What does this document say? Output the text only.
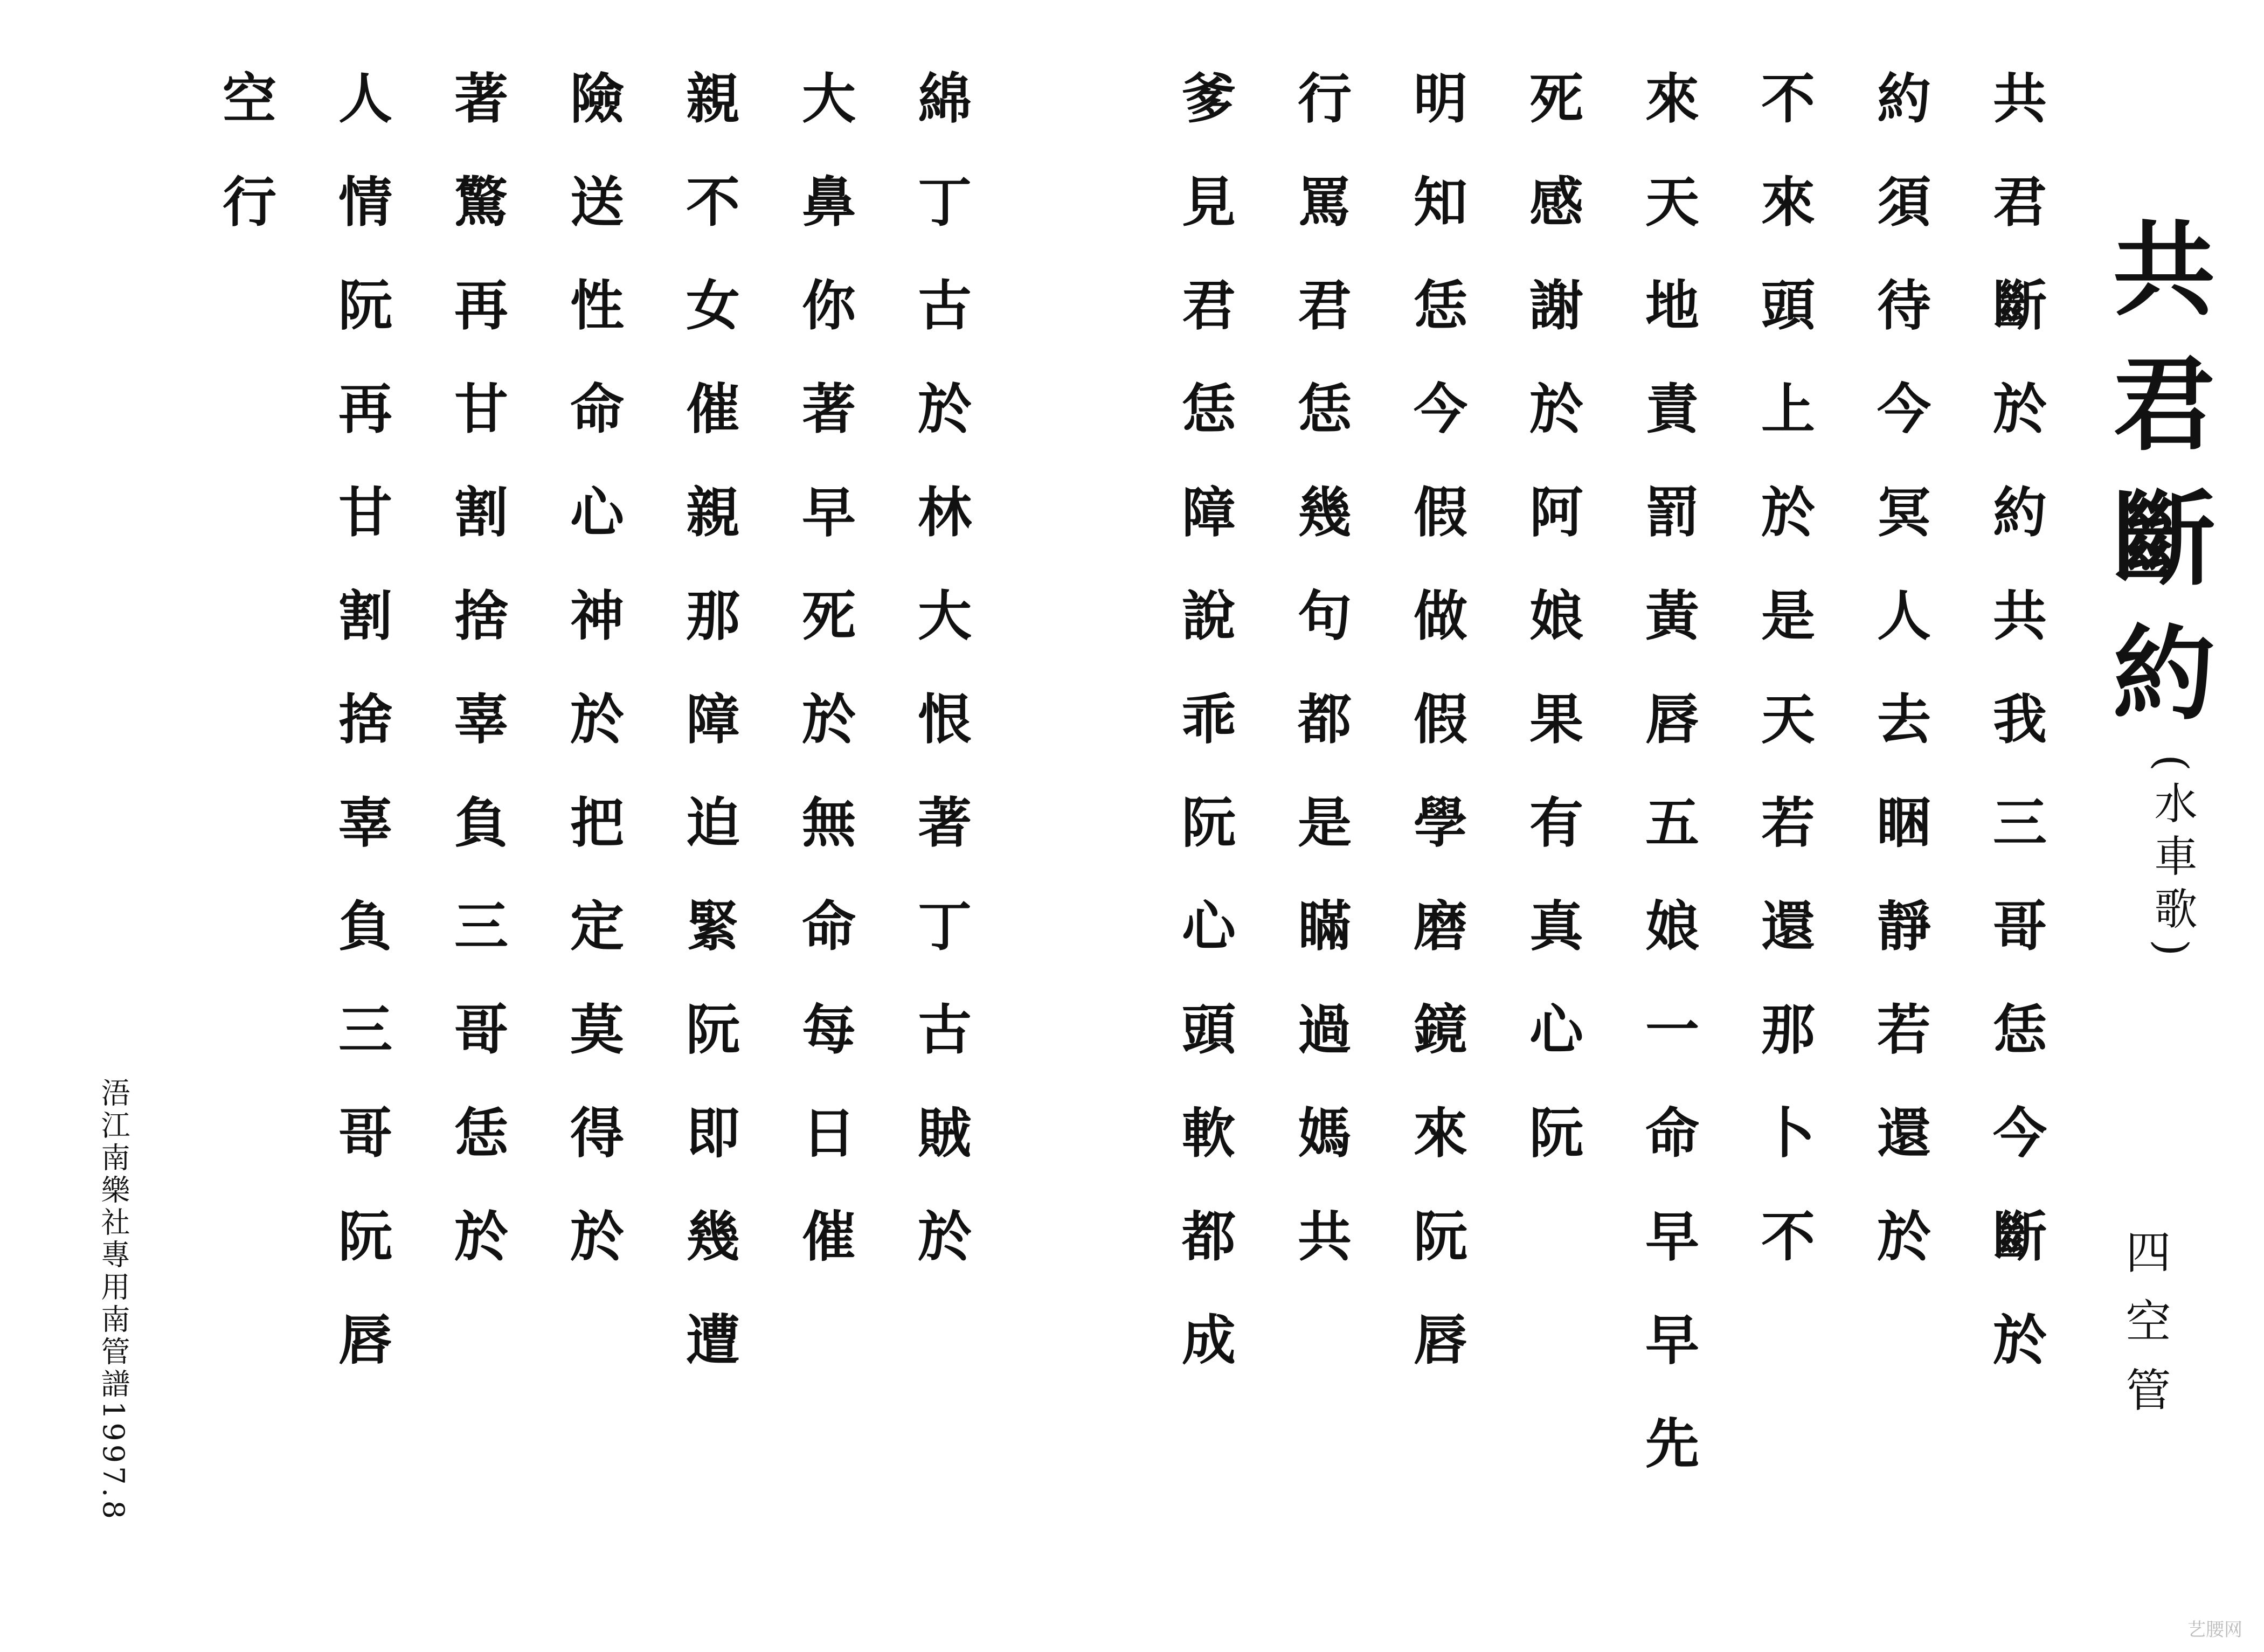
共君斷約
(水車歌)
四空管
共君斷於約共我三哥恁今斷於
約須待今冥人去睏靜若還於
不來頭上於是天若還那卜不
來天地責罰黃唇五娘一命早早先
死感謝於阿娘果有真心阮
明知恁今假做假學磨鏡來阮唇
行罵君恁幾句都是瞞過媽共
爹見君恁障說乖阮心頭軟都成
綿丁古於林大恨著丁古賊於
大鼻你著早死於無命每日催
親不女催親那障迫緊阮即幾遭
險送性命心神於把定莫得於
著驚再甘割捨辜負三哥恁於
人情阮再甘割捨辜負三哥阮唇
空行
浯江南樂社專用南管譜1997.8
艺腰网
